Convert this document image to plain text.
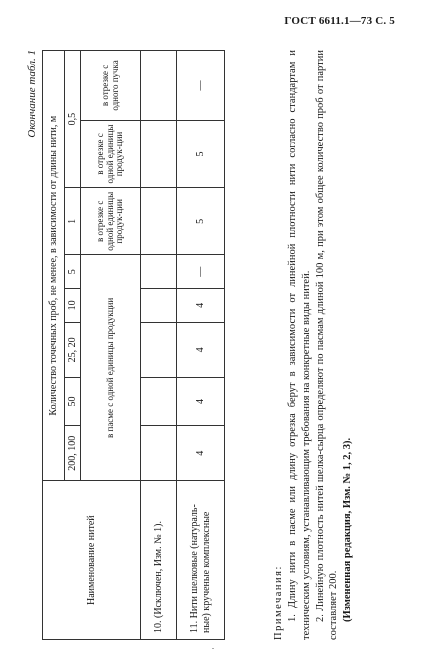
ГОСТ 6611.1—73 С. 5
Окончание табл. 1
Наименование нитей	Количество точечных проб, не менее, в зависимости от длины нити, м							
	200, 100	50	25, 20	10	5	1	0,5	
	в пасме с одной единицы продукции					в отрезке с одной единицы продук-ции	в отрезке с одной единицы продук-ции	в отрезке с одного пучка
10. (Исключен, Изм. № 1).								
11. Нити шелковые (натураль-ные) крученые комплексные	4	4	4	4	—	5	5	—

Примечания: 1. Длину нити в пасме или длину отрезка берут в зависимости от линейной плотности нити согласно стандартам и техническим условиям, устанавливающим требования на конкретные виды нитей. 2. Линейную плотность нитей шелка-сырца определяют по пасмам длиной 100 м, при этом общее количество проб от партии составляет 200. (Измененная редакция, Изм. № 1, 2, 3).

.
